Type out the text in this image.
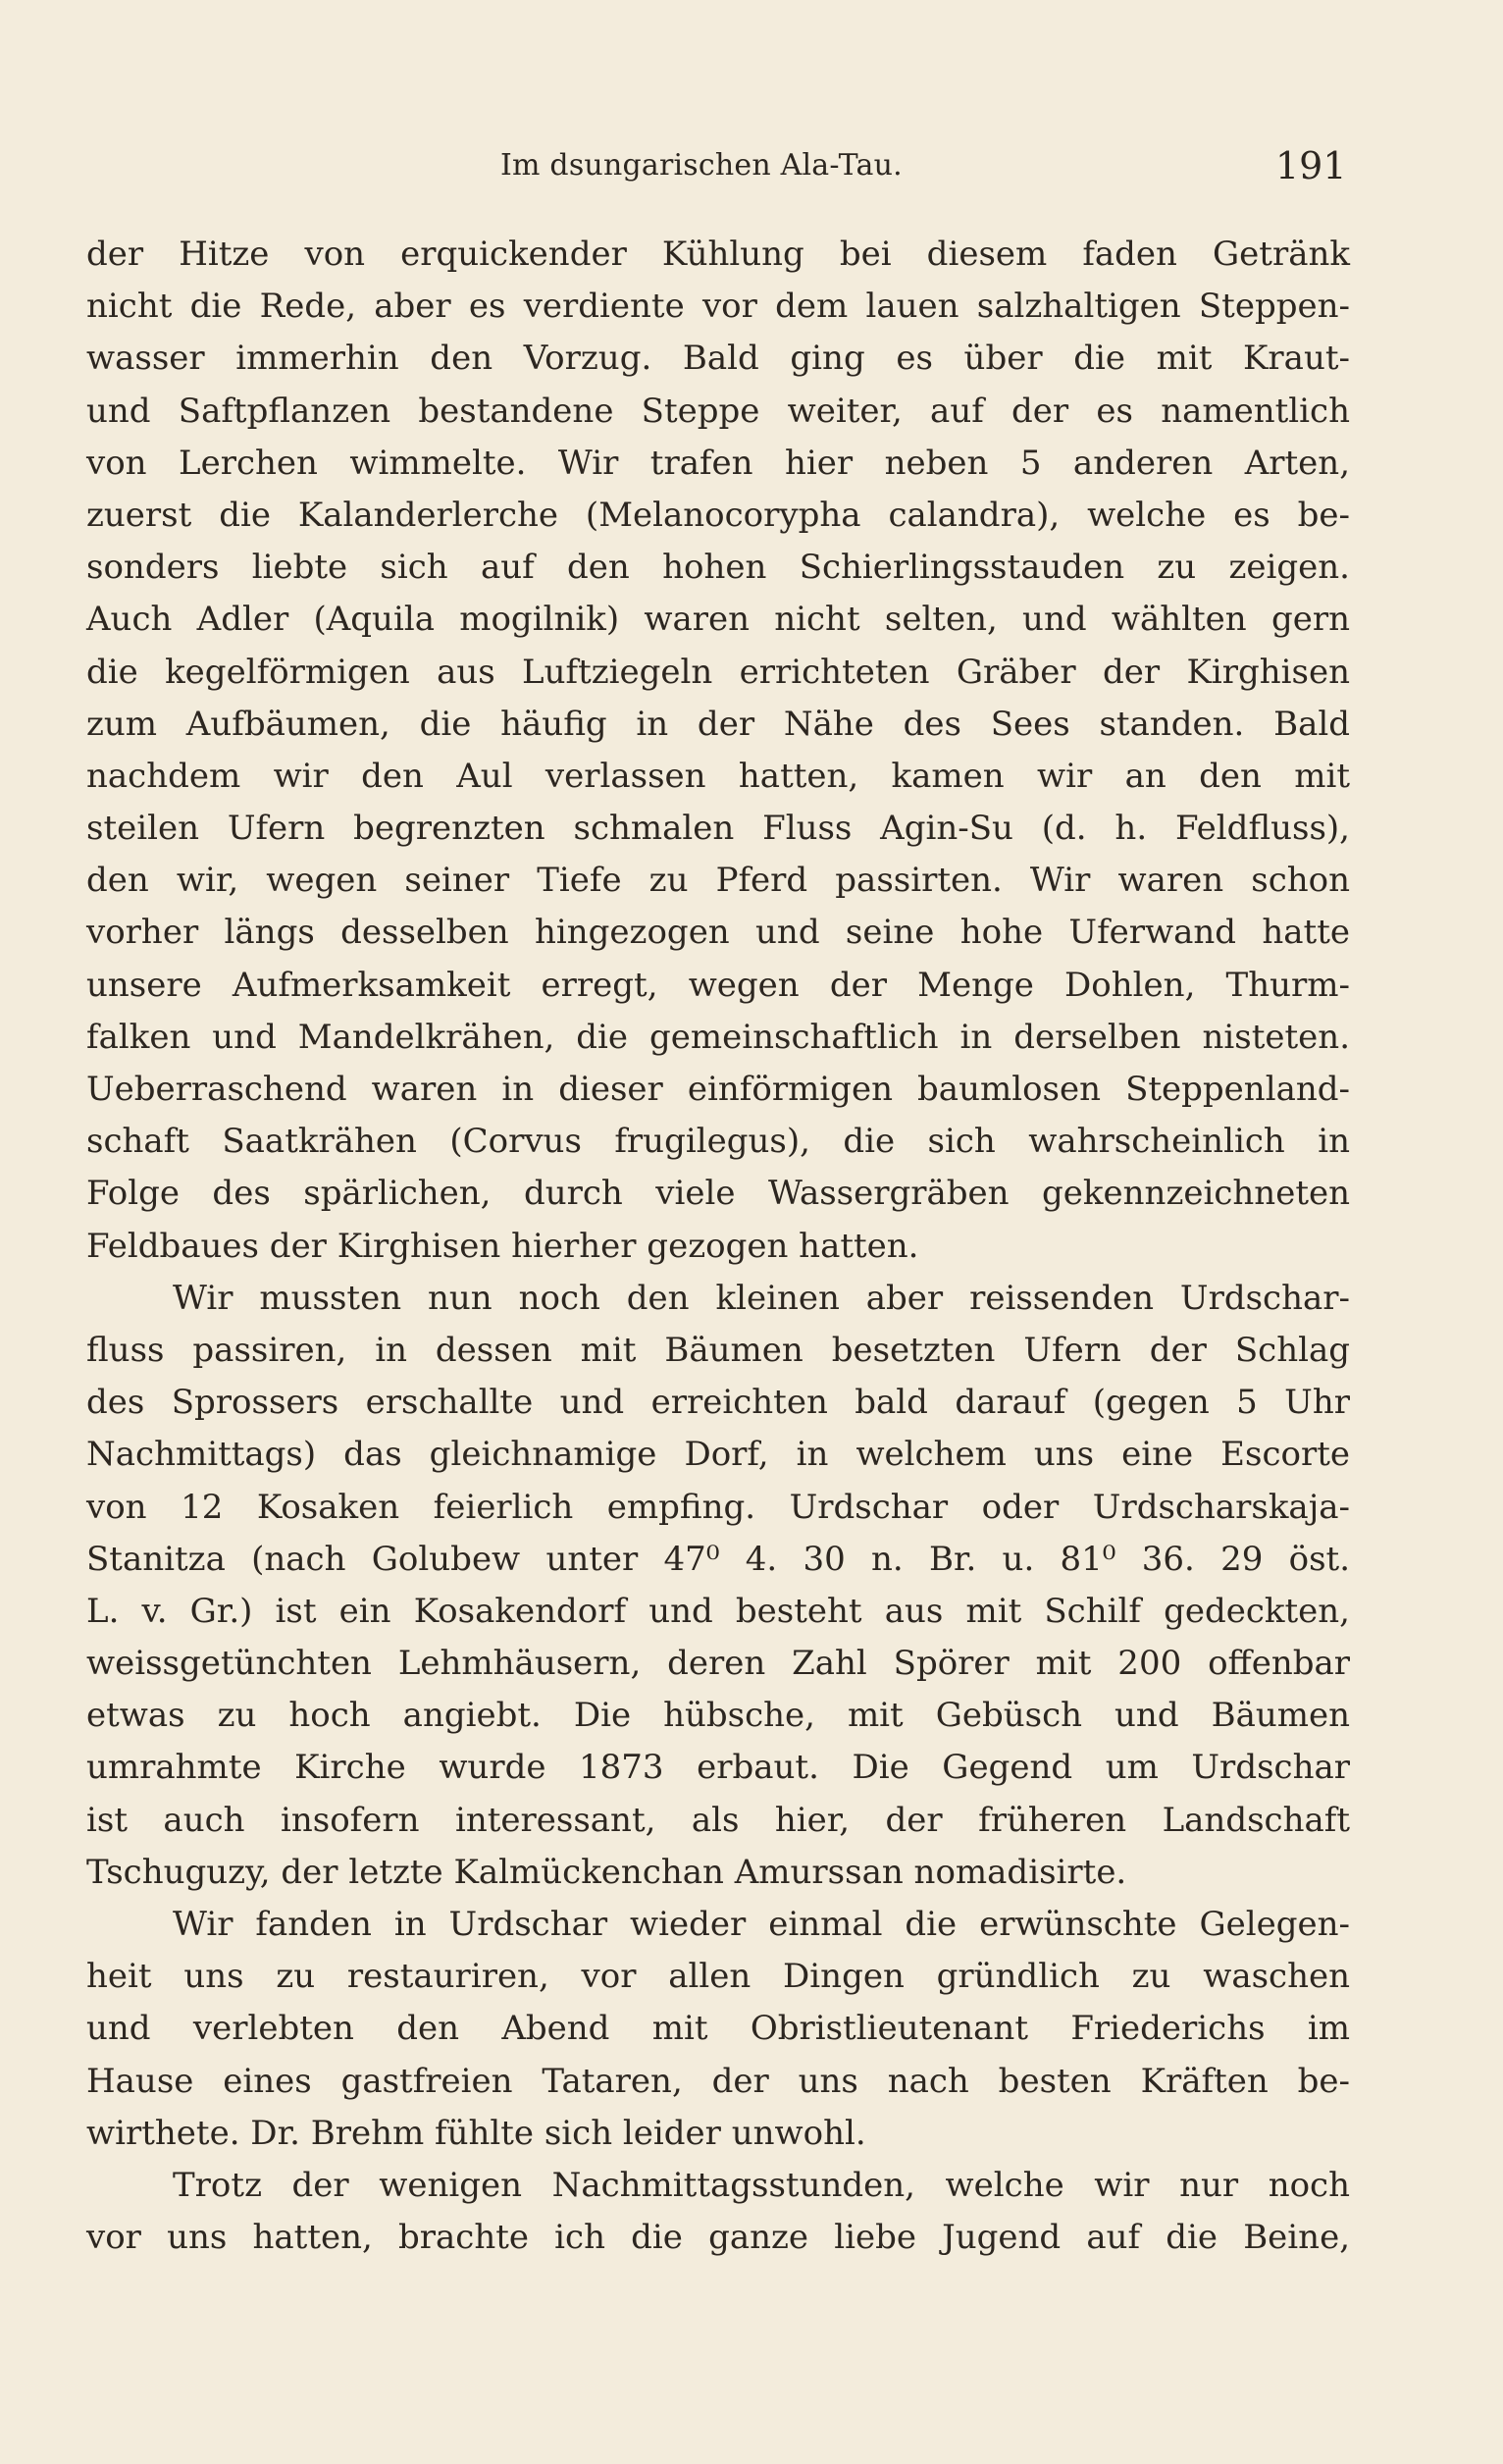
Im dsungarischen Ala-Tau.	191
der Hitze von erquickender Kühlung bei diesem faden Getränk
nicht die Rede, aber es verdiente vor dem lauen salzhaltigen Steppen-
wasser immerhin den Vorzug. Bald ging es über die mit Kraut-
und Saftpflanzen bestandene Steppe weiter, auf der es namentlich
von Lerchen wimmelte. Wir trafen hier neben 5 anderen Arten,
zuerst die Kalanderlerche (Melanocorypha calandra), welche es be-
sonders liebte sich auf den hohen Schierlingsstauden zu zeigen.
Auch Adler (Aquila mogilnik) waren nicht selten, und wählten gern
die kegelförmigen aus Luftziegeln errichteten Gräber der Kirghisen
zum Aufbäumen, die häufig in der Nähe des Sees standen. Bald
nachdem wir den Aul verlassen hatten, kamen wir an den mit
steilen Ufern begrenzten schmalen Fluss Agin-Su (d. h. Feldfluss),
den wir, wegen seiner Tiefe zu Pferd passirten. Wir waren schon
vorher längs desselben hingezogen und seine hohe Uferwand hatte
unsere Aufmerksamkeit erregt, wegen der Menge Dohlen, Thurm-
falken und Mandelkrähen, die gemeinschaftlich in derselben nisteten.
Ueberraschend waren in dieser einförmigen baumlosen Steppenland-
schaft Saatkrähen (Corvus frugilegus), die sich wahrscheinlich in
Folge des spärlichen, durch viele Wassergräben gekennzeichneten
Feldbaues der Kirghisen hierher gezogen hatten.
Wir mussten nun noch den kleinen aber reissenden Urdschar-
fluss passiren, in dessen mit Bäumen besetzten Ufern der Schlag
des Sprossers erschallte und erreichten bald darauf (gegen 5 Uhr
Nachmittags) das gleichnamige Dorf, in welchem uns eine Escorte
von 12 Kosaken feierlich empfing. Urdschar oder Urdscharskaja-
Stanitza (nach Golubew unter 47⁰ 4. 30 n. Br. u. 81⁰ 36. 29 öst.
L. v. Gr.) ist ein Kosakendorf und besteht aus mit Schilf gedeckten,
weissgetünchten Lehmhäusern, deren Zahl Spörer mit 200 offenbar
etwas zu hoch angiebt. Die hübsche, mit Gebüsch und Bäumen
umrahmte Kirche wurde 1873 erbaut. Die Gegend um Urdschar
ist auch insofern interessant, als hier, der früheren Landschaft
Tschuguzy, der letzte Kalmückenchan Amurssan nomadisirte.
Wir fanden in Urdschar wieder einmal die erwünschte Gelegen-
heit uns zu restauriren, vor allen Dingen gründlich zu waschen
und verlebten den Abend mit Obristlieutenant Friederichs im
Hause eines gastfreien Tataren, der uns nach besten Kräften be-
wirthete. Dr. Brehm fühlte sich leider unwohl.
Trotz der wenigen Nachmittagsstunden, welche wir nur noch
vor uns hatten, brachte ich die ganze liebe Jugend auf die Beine,
